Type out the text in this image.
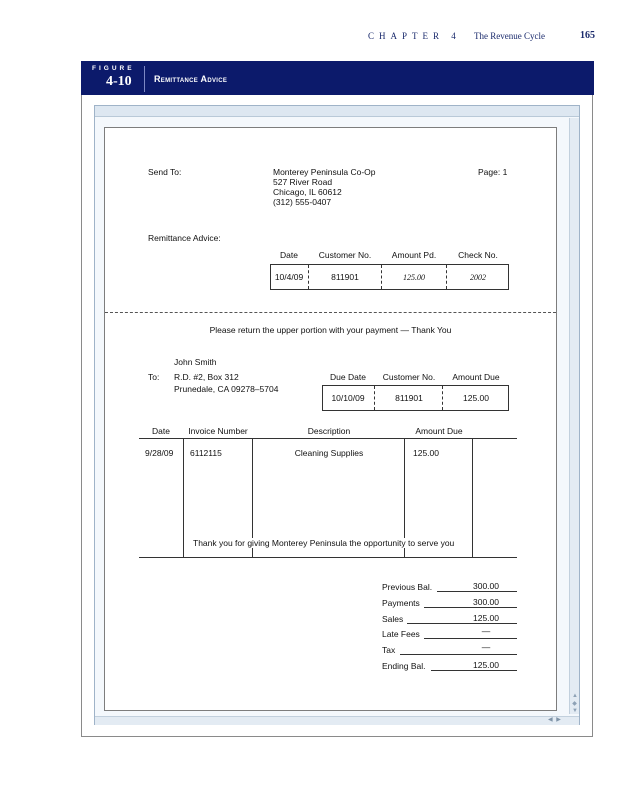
CHAPTER 4 The Revenue Cycle	165
FIGURE
4-10 Remittance Advice
▲
◆
▼
◀ ▶
Send To:	Monterey Peninsula Co-Op
527 River Road
Chicago, IL 60612
(312) 555-0407
Page: 1
Remittance Advice:
Date	Customer No.	Amount Pd.	Check No.
10/4/09	811901	125.00	2002
Please return the upper portion with your payment — Thank You
John Smith
To: R.D. #2, Box 312
Prunedale, CA 09278–5704
Due Date	Customer No.	Amount Due
10/10/09	811901	125.00
Date	Invoice Number	Description	Amount Due
9/28/09 6112115	Cleaning Supplies	125.00
Thank you for giving Monterey Peninsula the opportunity to serve you
Previous Bal.	300.00
Payments	300.00
Sales	125.00
Late Fees	—
Tax	—
Ending Bal.	125.00
